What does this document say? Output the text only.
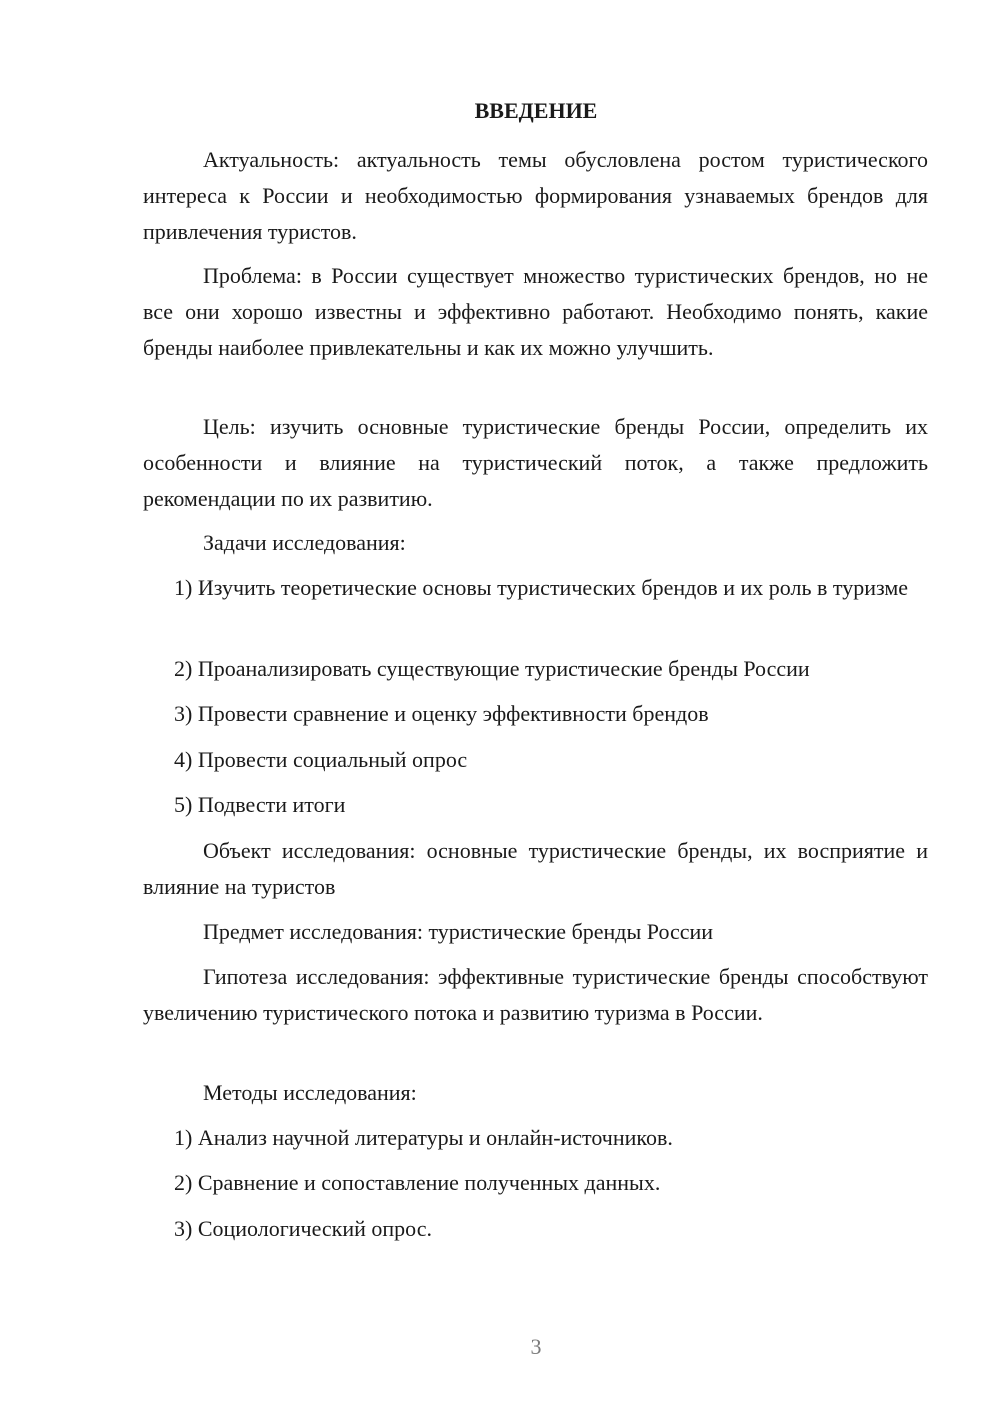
ВВЕДЕНИЕ

Актуальность: актуальность темы обусловлена ростом туристического интереса к России и необходимостью формирования узнаваемых брендов для привлечения туристов.

Проблема: в России существует множество туристических брендов, но не все они хорошо известны и эффективно работают. Необходимо понять, какие бренды наиболее привлекательны и как их можно улучшить.

Цель: изучить основные туристические бренды России, определить их особенности и влияние на туристический поток, а также предложить рекомендации по их развитию.

Задачи исследования:

1) Изучить теоретические основы туристических брендов и их роль в туризме

2) Проанализировать существующие туристические бренды России

3) Провести сравнение и оценку эффективности брендов

4) Провести социальный опрос

5) Подвести итоги

Объект исследования: основные туристические бренды, их восприятие и влияние на туристов

Предмет исследования: туристические бренды России

Гипотеза исследования: эффективные туристические бренды способствуют увеличению туристического потока и развитию туризма в России.

Методы исследования:

1) Анализ научной литературы и онлайн-источников.

2) Сравнение и сопоставление полученных данных.

3) Социологический опрос.

3
